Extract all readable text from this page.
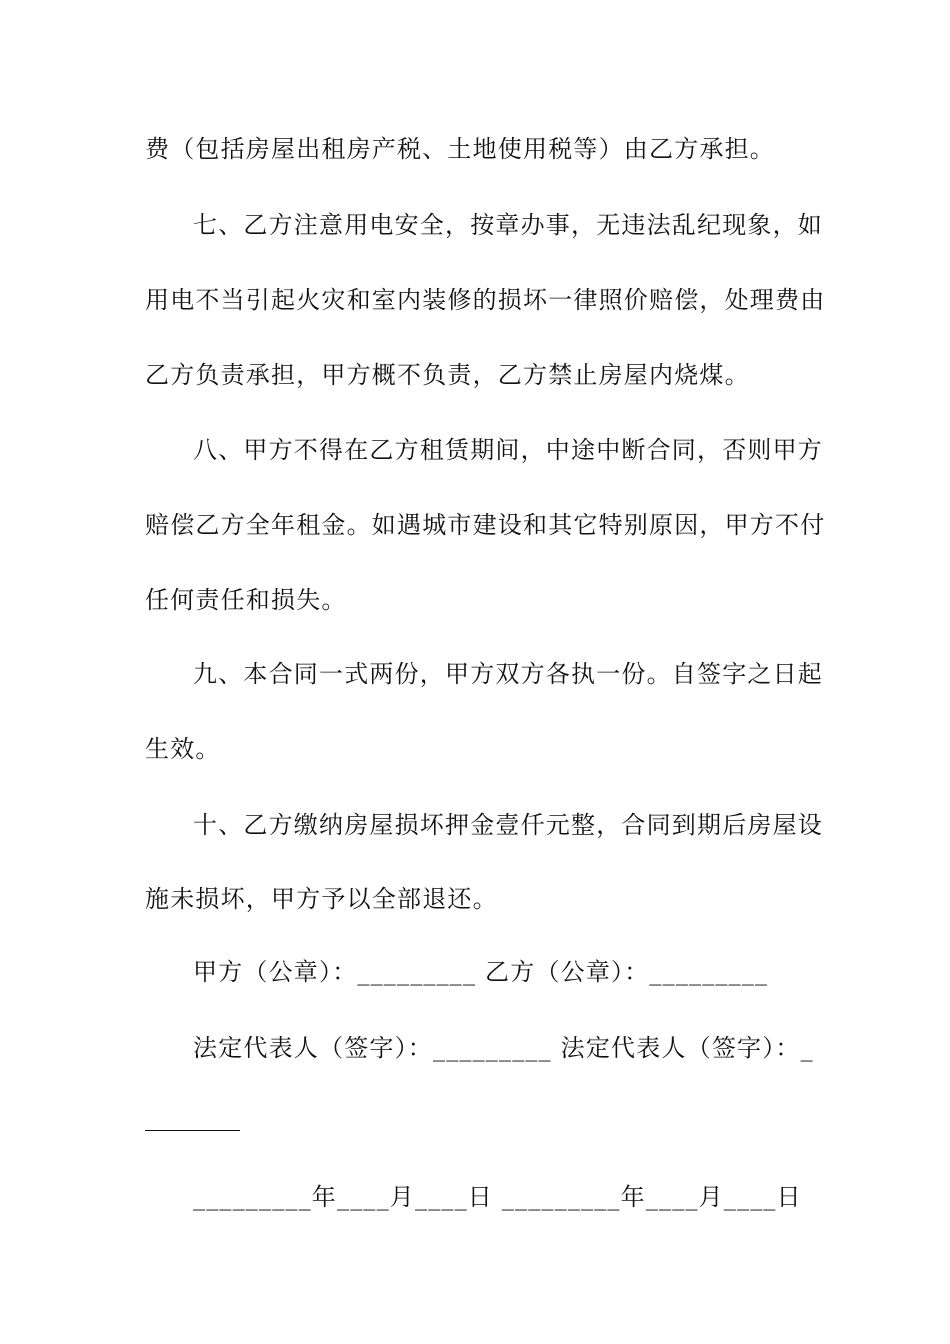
费（包括房屋出租房产税、土地使用税等）由乙方承担。
七、乙方注意用电安全，按章办事，无违法乱纪现象，如
用电不当引起火灾和室内装修的损坏一律照价赔偿，处理费由
乙方负责承担，甲方概不负责，乙方禁止房屋内烧煤。
八、甲方不得在乙方租赁期间，中途中断合同，否则甲方
赔偿乙方全年租金。如遇城市建设和其它特别原因，甲方不付
任何责任和损失。
九、本合同一式两份，甲方双方各执一份。自签字之日起
生效。
十、乙方缴纳房屋损坏押金壹仟元整，合同到期后房屋设
施未损坏，甲方予以全部退还。
甲方（公章）：_________ 乙方（公章）：_________
法定代表人（签字）：_________ 法定代表人（签字）：_
_________年____月____日 _________年____月____日
